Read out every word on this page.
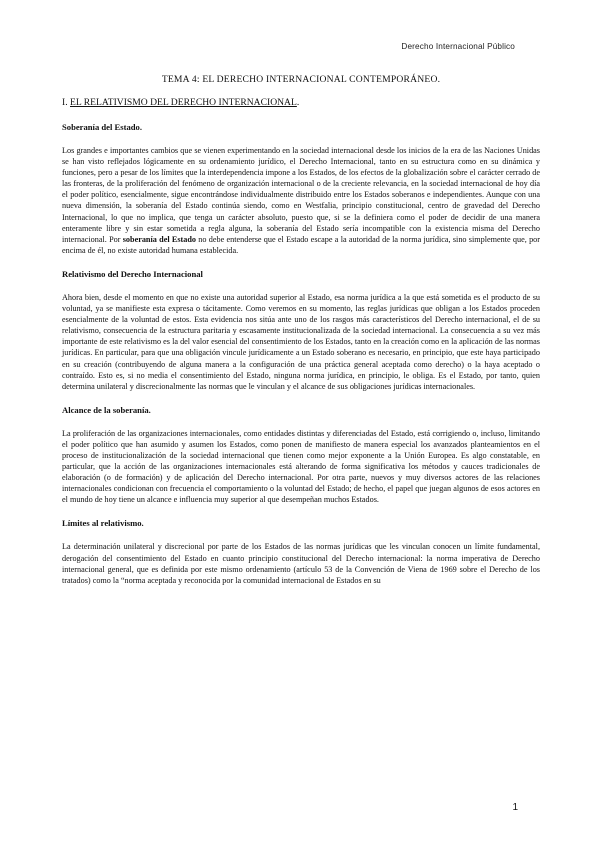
Derecho Internacional Público
TEMA 4: EL DERECHO INTERNACIONAL CONTEMPORÁNEO.
I. EL RELATIVISMO DEL DERECHO INTERNACIONAL.
Soberanía del Estado.

Los grandes e importantes cambios que se vienen experimentando en la sociedad internacional desde los inicios de la era de las Naciones Unidas se han visto reflejados lógicamente en su ordenamiento jurídico, el Derecho Internacional, tanto en su estructura como en su dinámica y funciones, pero a pesar de los límites que la interdependencia impone a los Estados, de los efectos de la globalización sobre el carácter cerrado de las fronteras, de la proliferación del fenómeno de organización internacional o de la creciente relevancia, en la sociedad internacional de hoy día el poder político, esencialmente, sigue encontrándose individualmente distribuido entre los Estados soberanos e independientes. Aunque con una nueva dimensión, la soberanía del Estado continúa siendo, como en Westfalia, principio constitucional, centro de gravedad del Derecho Internacional, lo que no implica, que tenga un carácter absoluto, puesto que, si se la definiera como el poder de decidir de una manera enteramente libre y sin estar sometida a regla alguna, la soberanía del Estado sería incompatible con la existencia misma del Derecho internacional. Por soberanía del Estado no debe entenderse que el Estado escape a la autoridad de la norma jurídica, sino simplemente que, por encima de él, no existe autoridad humana establecida.

Relativismo del Derecho Internacional

Ahora bien, desde el momento en que no existe una autoridad superior al Estado, esa norma jurídica a la que está sometida es el producto de su voluntad, ya se manifieste esta expresa o tácitamente. Como veremos en su momento, las reglas jurídicas que obligan a los Estados proceden esencialmente de la voluntad de estos. Esta evidencia nos sitúa ante uno de los rasgos más característicos del Derecho internacional, el de su relativismo, consecuencia de la estructura paritaria y escasamente institucionalizada de la sociedad internacional. La consecuencia a su vez más importante de este relativismo es la del valor esencial del consentimiento de los Estados, tanto en la creación como en la aplicación de las normas jurídicas. En particular, para que una obligación vincule jurídicamente a un Estado soberano es necesario, en principio, que este haya participado en su creación (contribuyendo de alguna manera a la configuración de una práctica general aceptada como derecho) o la haya aceptado o contraído. Esto es, si no media el consentimiento del Estado, ninguna norma jurídica, en principio, le obliga. Es el Estado, por tanto, quien determina unilateral y discrecionalmente las normas que le vinculan y el alcance de sus obligaciones jurídicas internacionales.

Alcance de la soberanía.

La proliferación de las organizaciones internacionales, como entidades distintas y diferenciadas del Estado, está corrigiendo o, incluso, limitando el poder político que han asumido y asumen los Estados, como ponen de manifiesto de manera especial los avanzados planteamientos en el proceso de institucionalización de la sociedad internacional que tienen como mejor exponente a la Unión Europea. Es algo constatable, en particular, que la acción de las organizaciones internacionales está alterando de forma significativa los métodos y cauces tradicionales de elaboración (o de formación) y de aplicación del Derecho internacional. Por otra parte, nuevos y muy diversos actores de las relaciones internacionales condicionan con frecuencia el comportamiento o la voluntad del Estado; de hecho, el papel que juegan algunos de esos actores en el mundo de hoy tiene un alcance e influencia muy superior al que desempeñan muchos Estados.

Límites al relativismo.

La determinación unilateral y discrecional por parte de los Estados de las normas jurídicas que les vinculan conocen un límite fundamental, derogación del consentimiento del Estado en cuanto principio constitucional del Derecho internacional: la norma imperativa de Derecho internacional general, que es definida por este mismo ordenamiento (artículo 53 de la Convención de Viena de 1969 sobre el Derecho de los tratados) como la “norma aceptada y reconocida por la comunidad internacional de Estados en su

1
